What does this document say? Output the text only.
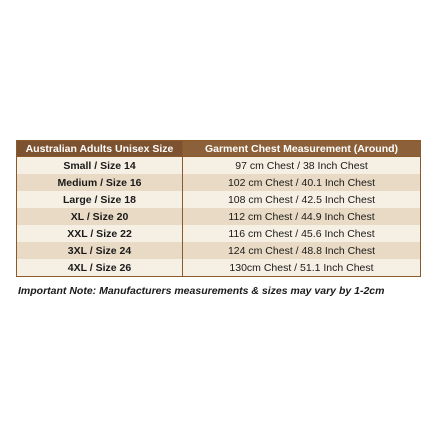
Australian Adults Unisex Size	Garment Chest Measurement (Around)
Small / Size 14	97 cm Chest / 38 Inch Chest
Medium / Size 16	102 cm Chest / 40.1 Inch Chest
Large / Size 18	108 cm Chest / 42.5 Inch Chest
XL / Size 20	112 cm Chest / 44.9 Inch Chest
XXL / Size 22	116 cm Chest / 45.6 Inch Chest
3XL / Size 24	124 cm Chest / 48.8 Inch Chest
4XL / Size 26	130cm Chest / 51.1 Inch Chest
Important Note: Manufacturers measurements & sizes may vary by 1-2cm
